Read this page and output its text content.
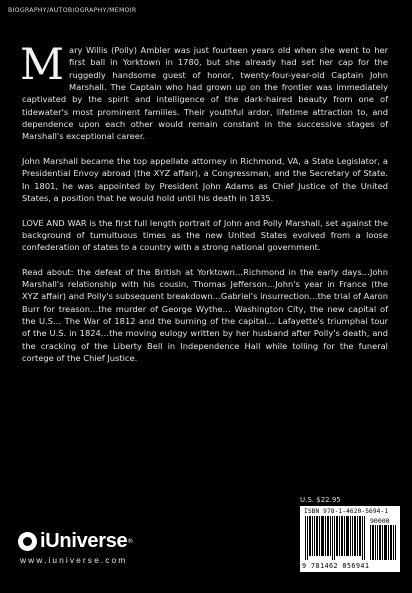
BIOGRAPHY/AUTOBIOGRAPHY/MEMOIR

Mary Willis (Polly) Ambler was just fourteen years old when she went to her first ball in Yorktown in 1780, but she already had set her cap for the ruggedly handsome guest of honor, twenty-four-year-old Captain John Marshall. The Captain who had grown up on the frontier was immediately captivated by the spirit and intelligence of the dark-haired beauty from one of tidewater's most prominent families. Their youthful ardor, lifetime attraction to, and dependence upon each other would remain constant in the successive stages of Marshall's exceptional career.

John Marshall became the top appellate attorney in Richmond, VA, a State Legislator, a Presidential Envoy abroad (the XYZ affair), a Congressman, and the Secretary of State. In 1801, he was appointed by President John Adams as Chief Justice of the United States, a position that he would hold until his death in 1835.

LOVE AND WAR is the first full length portrait of John and Polly Marshall, set against the background of tumultuous times as the new United States evolved from a loose confederation of states to a country with a strong national government.

Read about: the defeat of the British at Yorktown…Richmond in the early days…John Marshall's relationship with his cousin, Thomas Jefferson…John's year in France (the XYZ affair) and Polly's subsequent breakdown…Gabriel's insurrection…the trial of Aaron Burr for treason…the murder of George Wythe… Washington City, the new capital of the U.S… The War of 1812 and the burning of the capital… Lafayette's triumphal tour of the U.S. in 1824…the moving eulogy written by her husband after Polly's death, and the cracking of the Liberty Bell in Independence Hall while tolling for the funeral cortege of the Chief Justice.

U.S. $22.95
ISBN 978-1-4620-5694-1
90000
9 781462 056941
iUniverse ®
www.iuniverse.com
